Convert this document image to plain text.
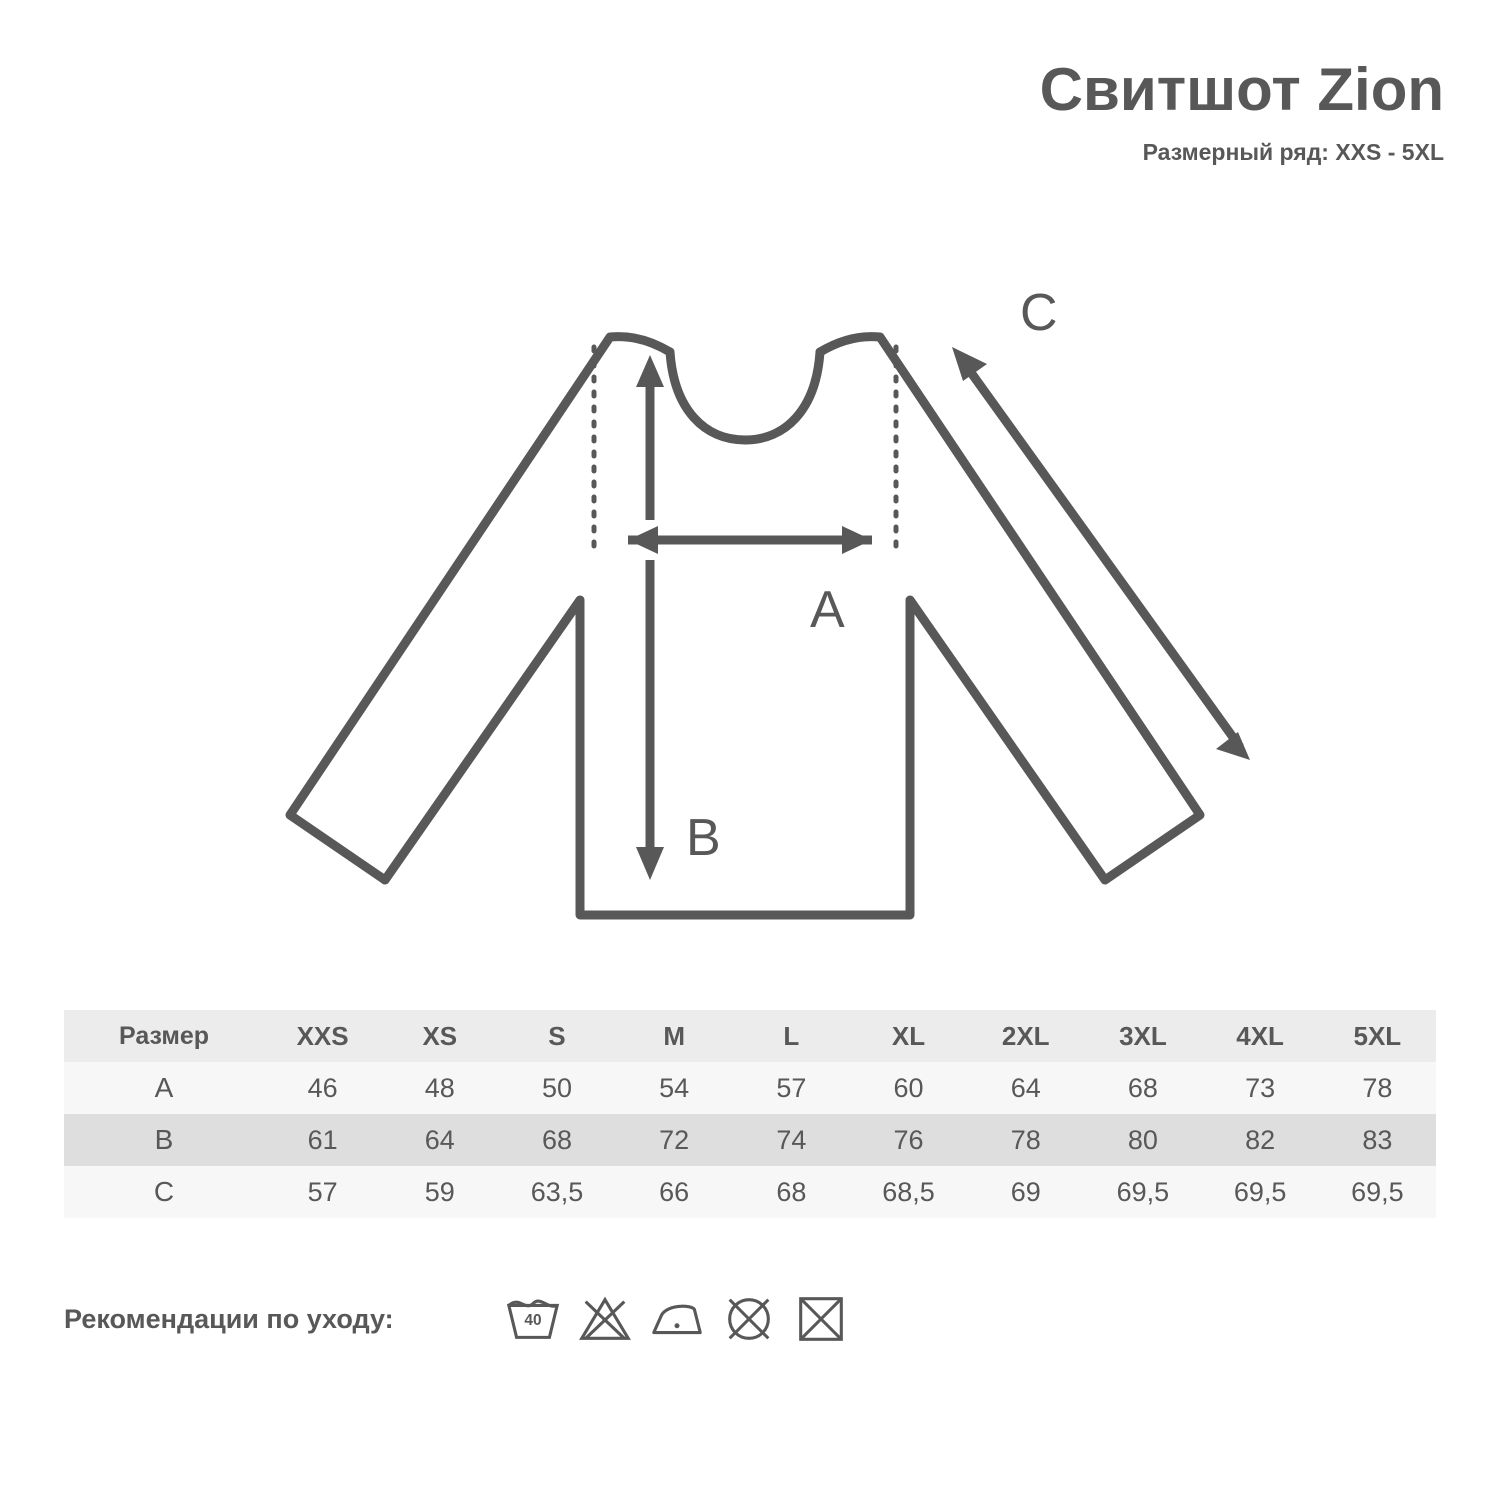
Свитшот Zion
Размерный ряд: XXS - 5XL
A
B
C
Размер	XXS	XS	S	M	L	XL	2XL	3XL	4XL	5XL
A	46	48	50	54	57	60	64	68	73	78
B	61	64	68	72	74	76	78	80	82	83
C	57	59	63,5	66	68	68,5	69	69,5	69,5	69,5
Рекомендации по уходу:	40
